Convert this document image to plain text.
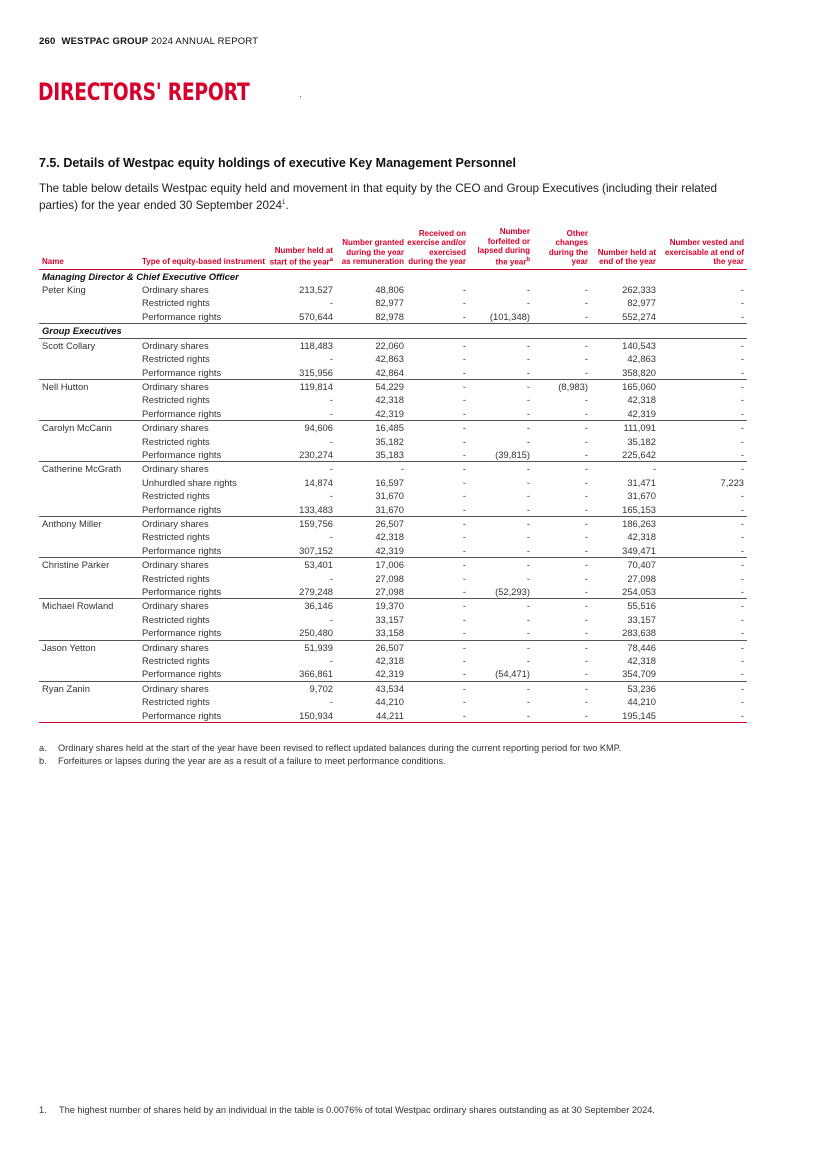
260 WESTPAC GROUP 2024 ANNUAL REPORT
DIRECTORS' REPORT
7.5. Details of Westpac equity holdings of executive Key Management Personnel

The table below details Westpac equity held and movement in that equity by the CEO and Group Executives (including their related parties) for the year ended 30 September 2024$^1$.

Name	Type of equity-based instrument	Number held at start of the year$^a$	Number granted during the year as remuneration	Received on exercise and/or exercised during the year	Number forfeited or lapsed during the year$^b$	Other changes during the year	Number held at end of the year	Number vested and exercisable at end of the year
Managing Director & Chief Executive Officer								
Peter King	Ordinary shares	213,527	48,806	-	-	-	262,333	-
	Restricted rights	-	82,977	-	-	-	82,977	-
	Performance rights	570,644	82,978	-	(101,348)	-	552,274	-
Group Executives								
Scott Collary	Ordinary shares	118,483	22,060	-	-	-	140,543	-
	Restricted rights	-	42,863	-	-	-	42,863	-
	Performance rights	315,956	42,864	-	-	-	358,820	-
Nell Hutton	Ordinary shares	119,814	54,229	-	-	(8,983)	165,060	-
	Restricted rights	-	42,318	-	-	-	42,318	-
	Performance rights	-	42,319	-	-	-	42,319	-
Carolyn McCann	Ordinary shares	94,606	16,485	-	-	-	111,091	-
	Restricted rights	-	35,182	-	-	-	35,182	-
	Performance rights	230,274	35,183	-	(39,815)	-	225,642	-
Catherine McGrath	Ordinary shares	-	-	-	-	-	-	-
	Unhurdled share rights	14,874	16,597	-	-	-	31,471	7,223
	Restricted rights	-	31,670	-	-	-	31,670	-
	Performance rights	133,483	31,670	-	-	-	165,153	-
Anthony Miller	Ordinary shares	159,756	26,507	-	-	-	186,263	-
	Restricted rights	-	42,318	-	-	-	42,318	-
	Performance rights	307,152	42,319	-	-	-	349,471	-
Christine Parker	Ordinary shares	53,401	17,006	-	-	-	70,407	-
	Restricted rights	-	27,098	-	-	-	27,098	-
	Performance rights	279,248	27,098	-	(52,293)	-	254,053	-
Michael Rowland	Ordinary shares	36,146	19,370	-	-	-	55,516	-
	Restricted rights	-	33,157	-	-	-	33,157	-
	Performance rights	250,480	33,158	-	-	-	283,638	-
Jason Yetton	Ordinary shares	51,939	26,507	-	-	-	78,446	-
	Restricted rights	-	42,318	-	-	-	42,318	-
	Performance rights	366,861	42,319	-	(54,471)	-	354,709	-
Ryan Zanin	Ordinary shares	9,702	43,534	-	-	-	53,236	-
	Restricted rights	-	44,210	-	-	-	44,210	-
	Performance rights	150,934	44,211	-	-	-	195,145	-
a.	Ordinary shares held at the start of the year have been revised to reflect updated balances during the current reporting period for two KMP.
b.	Forfeitures or lapses during the year are as a result of a failure to meet performance conditions.
1.	The highest number of shares held by an individual in the table is 0.0076% of total Westpac ordinary shares outstanding as at 30 September 2024.
